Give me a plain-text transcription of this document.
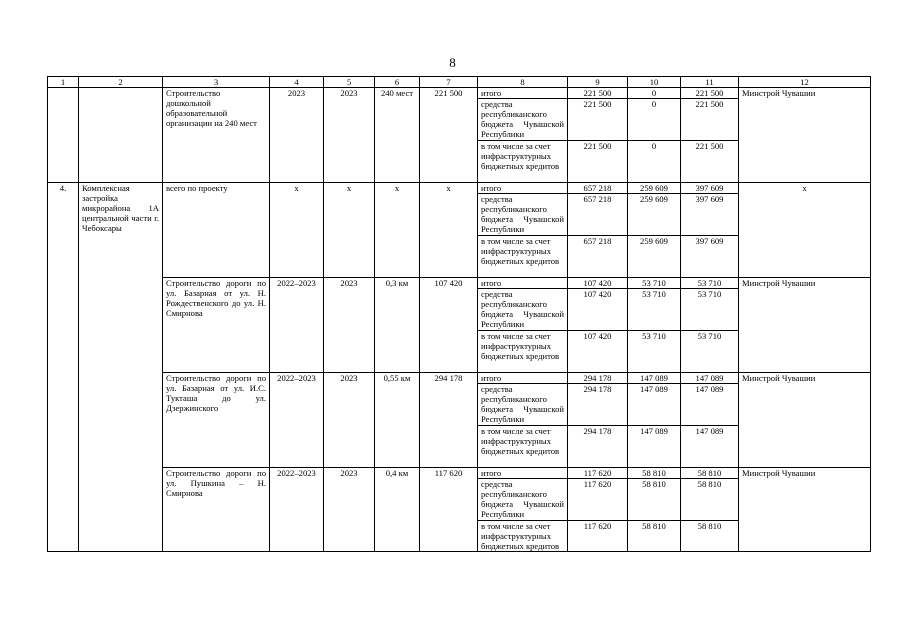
8
1	2	3	4	5	6	7	8	9	10	11	12
		Строительство дошкольной образовательной организации на 240 мест	2023	2023	240 мест	221 500	итого	221 500	0	221 500	Минстрой Чувашии
							средства республиканского бюджета Чувашской Республики	221 500	0	221 500	
							в том числе за счет инфраструктурных бюджетных кредитов	221 500	0	221 500	
4.	Комплексная застройка микрорайона 1А центральной части г. Чебоксары	всего по проекту	х	х	х	х	итого	657 218	259 609	397 609	х
							средства республиканского бюджета Чувашской Республики	657 218	259 609	397 609	
							в том числе за счет инфраструктурных бюджетных кредитов	657 218	259 609	397 609	
		Строительство дороги по ул. Базарная от ул. Н. Рождественского до ул. Н. Смирнова	2022–2023	2023	0,3 км	107 420	итого	107 420	53 710	53 710	Минстрой Чувашии
							средства республиканского бюджета Чувашской Республики	107 420	53 710	53 710	
							в том числе за счет инфраструктурных бюджетных кредитов	107 420	53 710	53 710	
		Строительство дороги по ул. Базарная от ул. И.С. Тукташа до ул. Дзержинского	2022–2023	2023	0,55 км	294 178	итого	294 178	147 089	147 089	Минстрой Чувашии
							средства республиканского бюджета Чувашской Республики	294 178	147 089	147 089	
							в том числе за счет инфраструктурных бюджетных кредитов	294 178	147 089	147 089	
		Строительство дороги по ул. Пушкина – Н. Смирнова	2022–2023	2023	0,4 км	117 620	итого	117 620	58 810	58 810	Минстрой Чувашии
							средства республиканского бюджета Чувашской Республики	117 620	58 810	58 810	
							в том числе за счет инфраструктурных бюджетных кредитов	117 620	58 810	58 810	
